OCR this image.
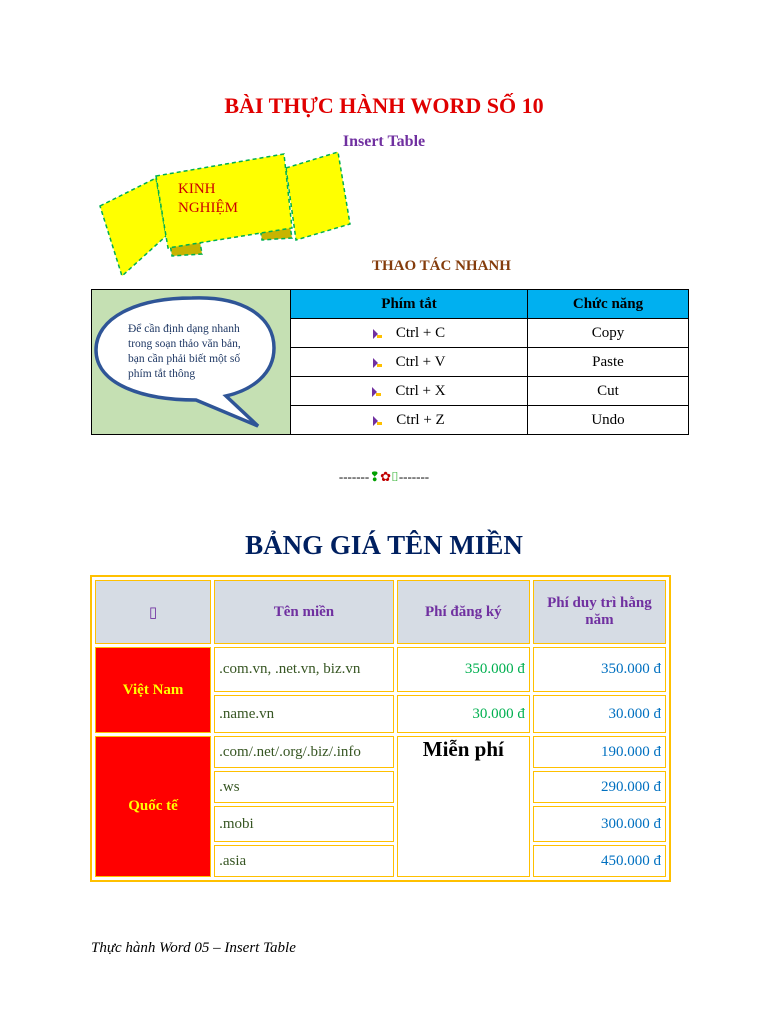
BÀI THỰC HÀNH WORD SỐ 10
Insert Table
KINH NGHIỆM
THAO TÁC NHANH
Để cần định dạng nhanh trong soạn thảo văn bản, bạn cần phải biết một số phím tắt thông	Phím tắt	Chức năng
	Ctrl + C	Copy
	Ctrl + V	Paste
	Ctrl + X	Cut
	Ctrl + Z	Undo
-------❢✿⌷-------
BẢNG GIÁ TÊN MIỀN
▯	Tên miền	Phí đăng ký	Phí duy trì hằng năm
Việt Nam	.com.vn, .net.vn, biz.vn	350.000 đ	350.000 đ
	.name.vn	30.000 đ	30.000 đ
Quốc tế	.com/.net/.org/.biz/.info	Miễn phí	190.000 đ
	.ws		290.000 đ
	.mobi		300.000 đ
	.asia		450.000 đ
Thực hành Word 05 – Insert Table
